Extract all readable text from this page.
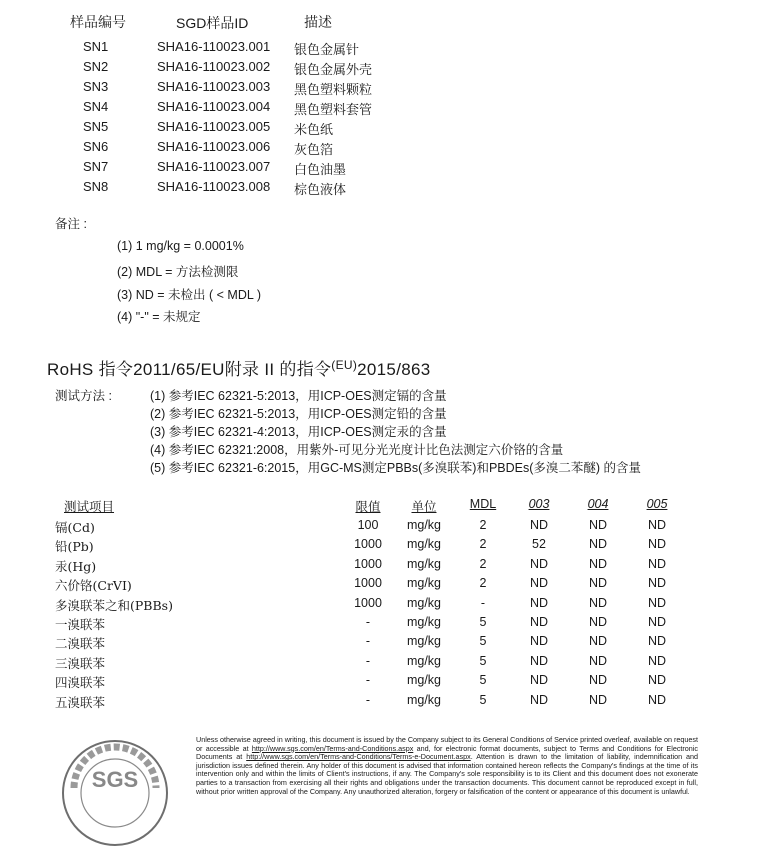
样品编号	SGD样品ID	描述
SN1	SHA16-110023.001 银色金属针
SN2	SHA16-110023.002 银色金属外壳
SN3	SHA16-110023.003 黑色塑料颗粒
SN4	SHA16-110023.004 黑色塑料套管
SN5	SHA16-110023.005 米色纸
SN6	SHA16-110023.006 灰色箔
SN7	SHA16-110023.007 白色油墨
SN8	SHA16-110023.008 棕色液体
备注 :
(1) 1 mg/kg = 0.0001%
(2) MDL = 方法检测限
(3) ND = 未检出 ( < MDL )
(4) "-" = 未规定
RoHS 指令2011/65/EU附录 II 的指令$^{(EU)}$2015/863
测试方法 :	(1) 参考IEC 62321-5:2013，用ICP-OES测定镉的含量
(2) 参考IEC 62321-5:2013，用ICP-OES测定铅的含量
(3) 参考IEC 62321-4:2013，用ICP-OES测定汞的含量
(4) 参考IEC 62321:2008，用紫外-可见分光光度计比色法测定六价铬的含量
(5) 参考IEC 62321-6:2015，用GC-MS测定PBBs(多溴联苯)和PBDEs(多溴二苯醚) 的含量
测试项目	限值	单位	MDL	003	004	005
镉(Cd)	100	mg/kg	2	ND	ND	ND
铅(Pb)	1000	mg/kg	2	52	ND	ND
汞(Hg)	1000	mg/kg	2	ND	ND	ND
六价铬(CrVI)	1000	mg/kg	2	ND	ND	ND
多溴联苯之和(PBBs)	1000	mg/kg	-	ND	ND	ND
一溴联苯	-	mg/kg	5	ND	ND	ND
二溴联苯	-	mg/kg	5	ND	ND	ND
三溴联苯	-	mg/kg	5	ND	ND	ND
四溴联苯	-	mg/kg	5	ND	ND	ND
五溴联苯	-	mg/kg	5	ND	ND	ND
SGS
Unless otherwise agreed in writing, this document is issued by the Company subject to its General Conditions of Service printed overleaf, available on request or accessible at http://www.sgs.com/en/Terms-and-Conditions.aspx and, for electronic format documents, subject to Terms and Conditions for Electronic Documents at http://www.sgs.com/en/Terms-and-Conditions/Terms-e-Document.aspx. Attention is drawn to the limitation of liability, indemnification and jurisdiction issues defined therein. Any holder of this document is advised that information contained hereon reflects the Company's findings at the time of its intervention only and within the limits of Client's instructions, if any. The Company's sole responsibility is to its Client and this document does not exonerate parties to a transaction from exercising all their rights and obligations under the transaction documents. This document cannot be reproduced except in full, without prior written approval of the Company. Any unauthorized alteration, forgery or falsification of the content or appearance of this document is unlawful.
